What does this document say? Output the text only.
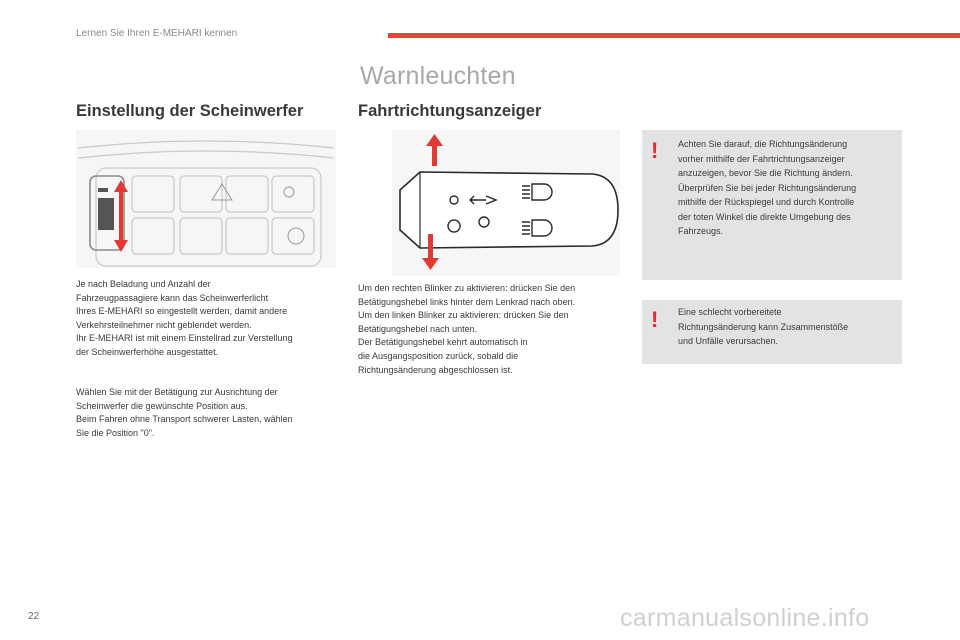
Lernen Sie Ihren E-MEHARI kennen
Warnleuchten
Einstellung der Scheinwerfer
Je nach Beladung und Anzahl der
Fahrzeugpassagiere kann das Scheinwerferlicht
Ihres E-MEHARI so eingestellt werden, damit andere
Verkehrsteilnehmer nicht geblendet werden.
Ihr E-MEHARI ist mit einem Einstellrad zur Verstellung
der Scheinwerferhöhe ausgestattet.
Wählen Sie mit der Betätigung zur Ausrichtung der
Scheinwerfer die gewünschte Position aus.
Beim Fahren ohne Transport schwerer Lasten, wählen
Sie die Position "0".
Fahrtrichtungsanzeiger
Um den rechten Blinker zu aktivieren: drücken Sie den
Betätigungshebel links hinter dem Lenkrad nach oben.
Um den linken Blinker zu aktivieren: drücken Sie den
Betätigungshebel nach unten.
Der Betätigungshebel kehrt automatisch in
die Ausgangsposition zurück, sobald die
Richtungsänderung abgeschlossen ist.
! Achten Sie darauf, die Richtungsänderung
vorher mithilfe der Fahrtrichtungsanzeiger
anzuzeigen, bevor Sie die Richtung ändern.
Überprüfen Sie bei jeder Richtungsänderung
mithilfe der Rückspiegel und durch Kontrolle
der toten Winkel die direkte Umgebung des
Fahrzeugs.
! Eine schlecht vorbereitete
Richtungsänderung kann Zusammenstöße
und Unfälle verursachen.
22	carmanualsonline.info
